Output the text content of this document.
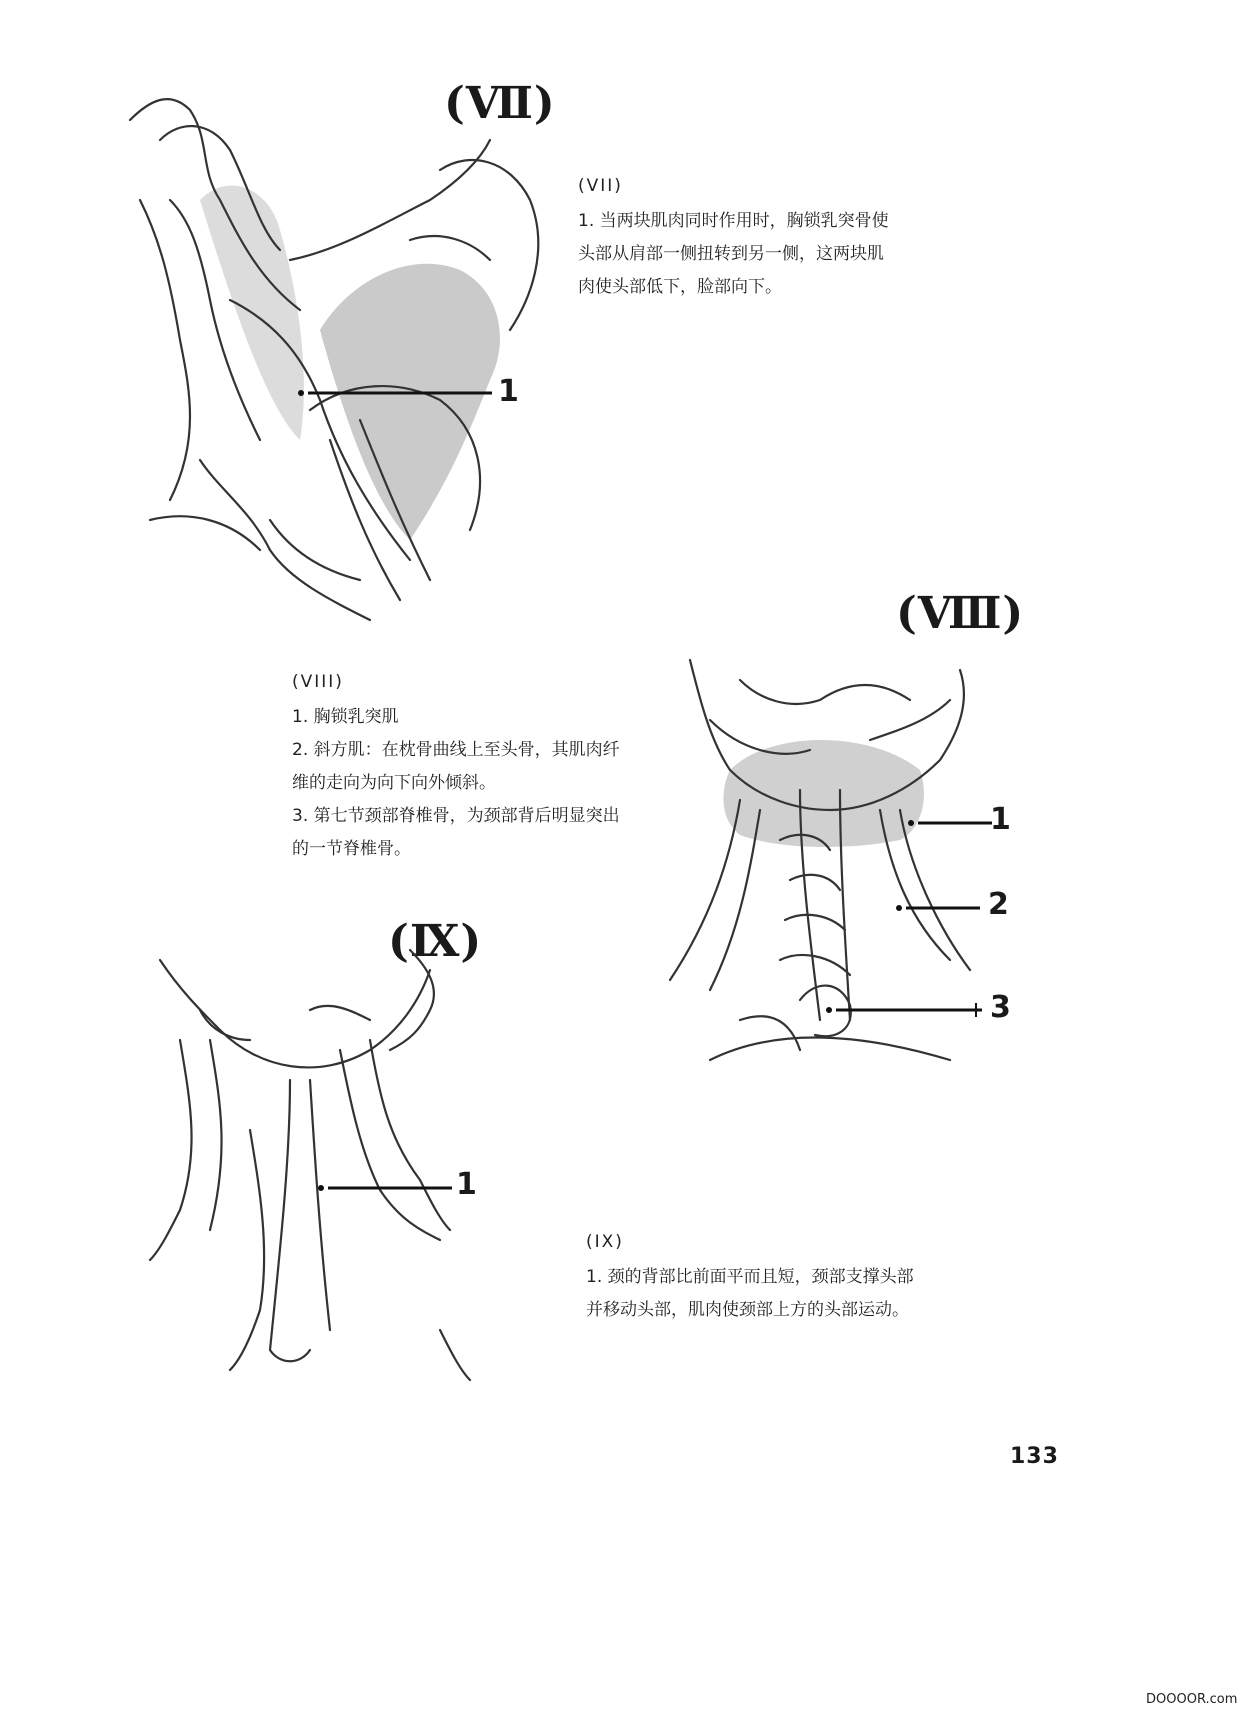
(Ⅶ)
1
(VII)
1. 当两块肌肉同时作用时，胸锁乳突骨使头部从肩部一侧扭转到另一侧，这两块肌肉使头部低下，脸部向下。
(Ⅷ)
(VIII)
1. 胸锁乳突肌
2. 斜方肌：在枕骨曲线上至头骨，其肌肉纤维的走向为向下向外倾斜。
3. 第七节颈部脊椎骨，为颈部背后明显突出的一节脊椎骨。
1
2
3
(Ⅸ)
1
(IX)
1. 颈的背部比前面平而且短，颈部支撑头部并移动头部，肌肉使颈部上方的头部运动。
133
DOOOOR.com
